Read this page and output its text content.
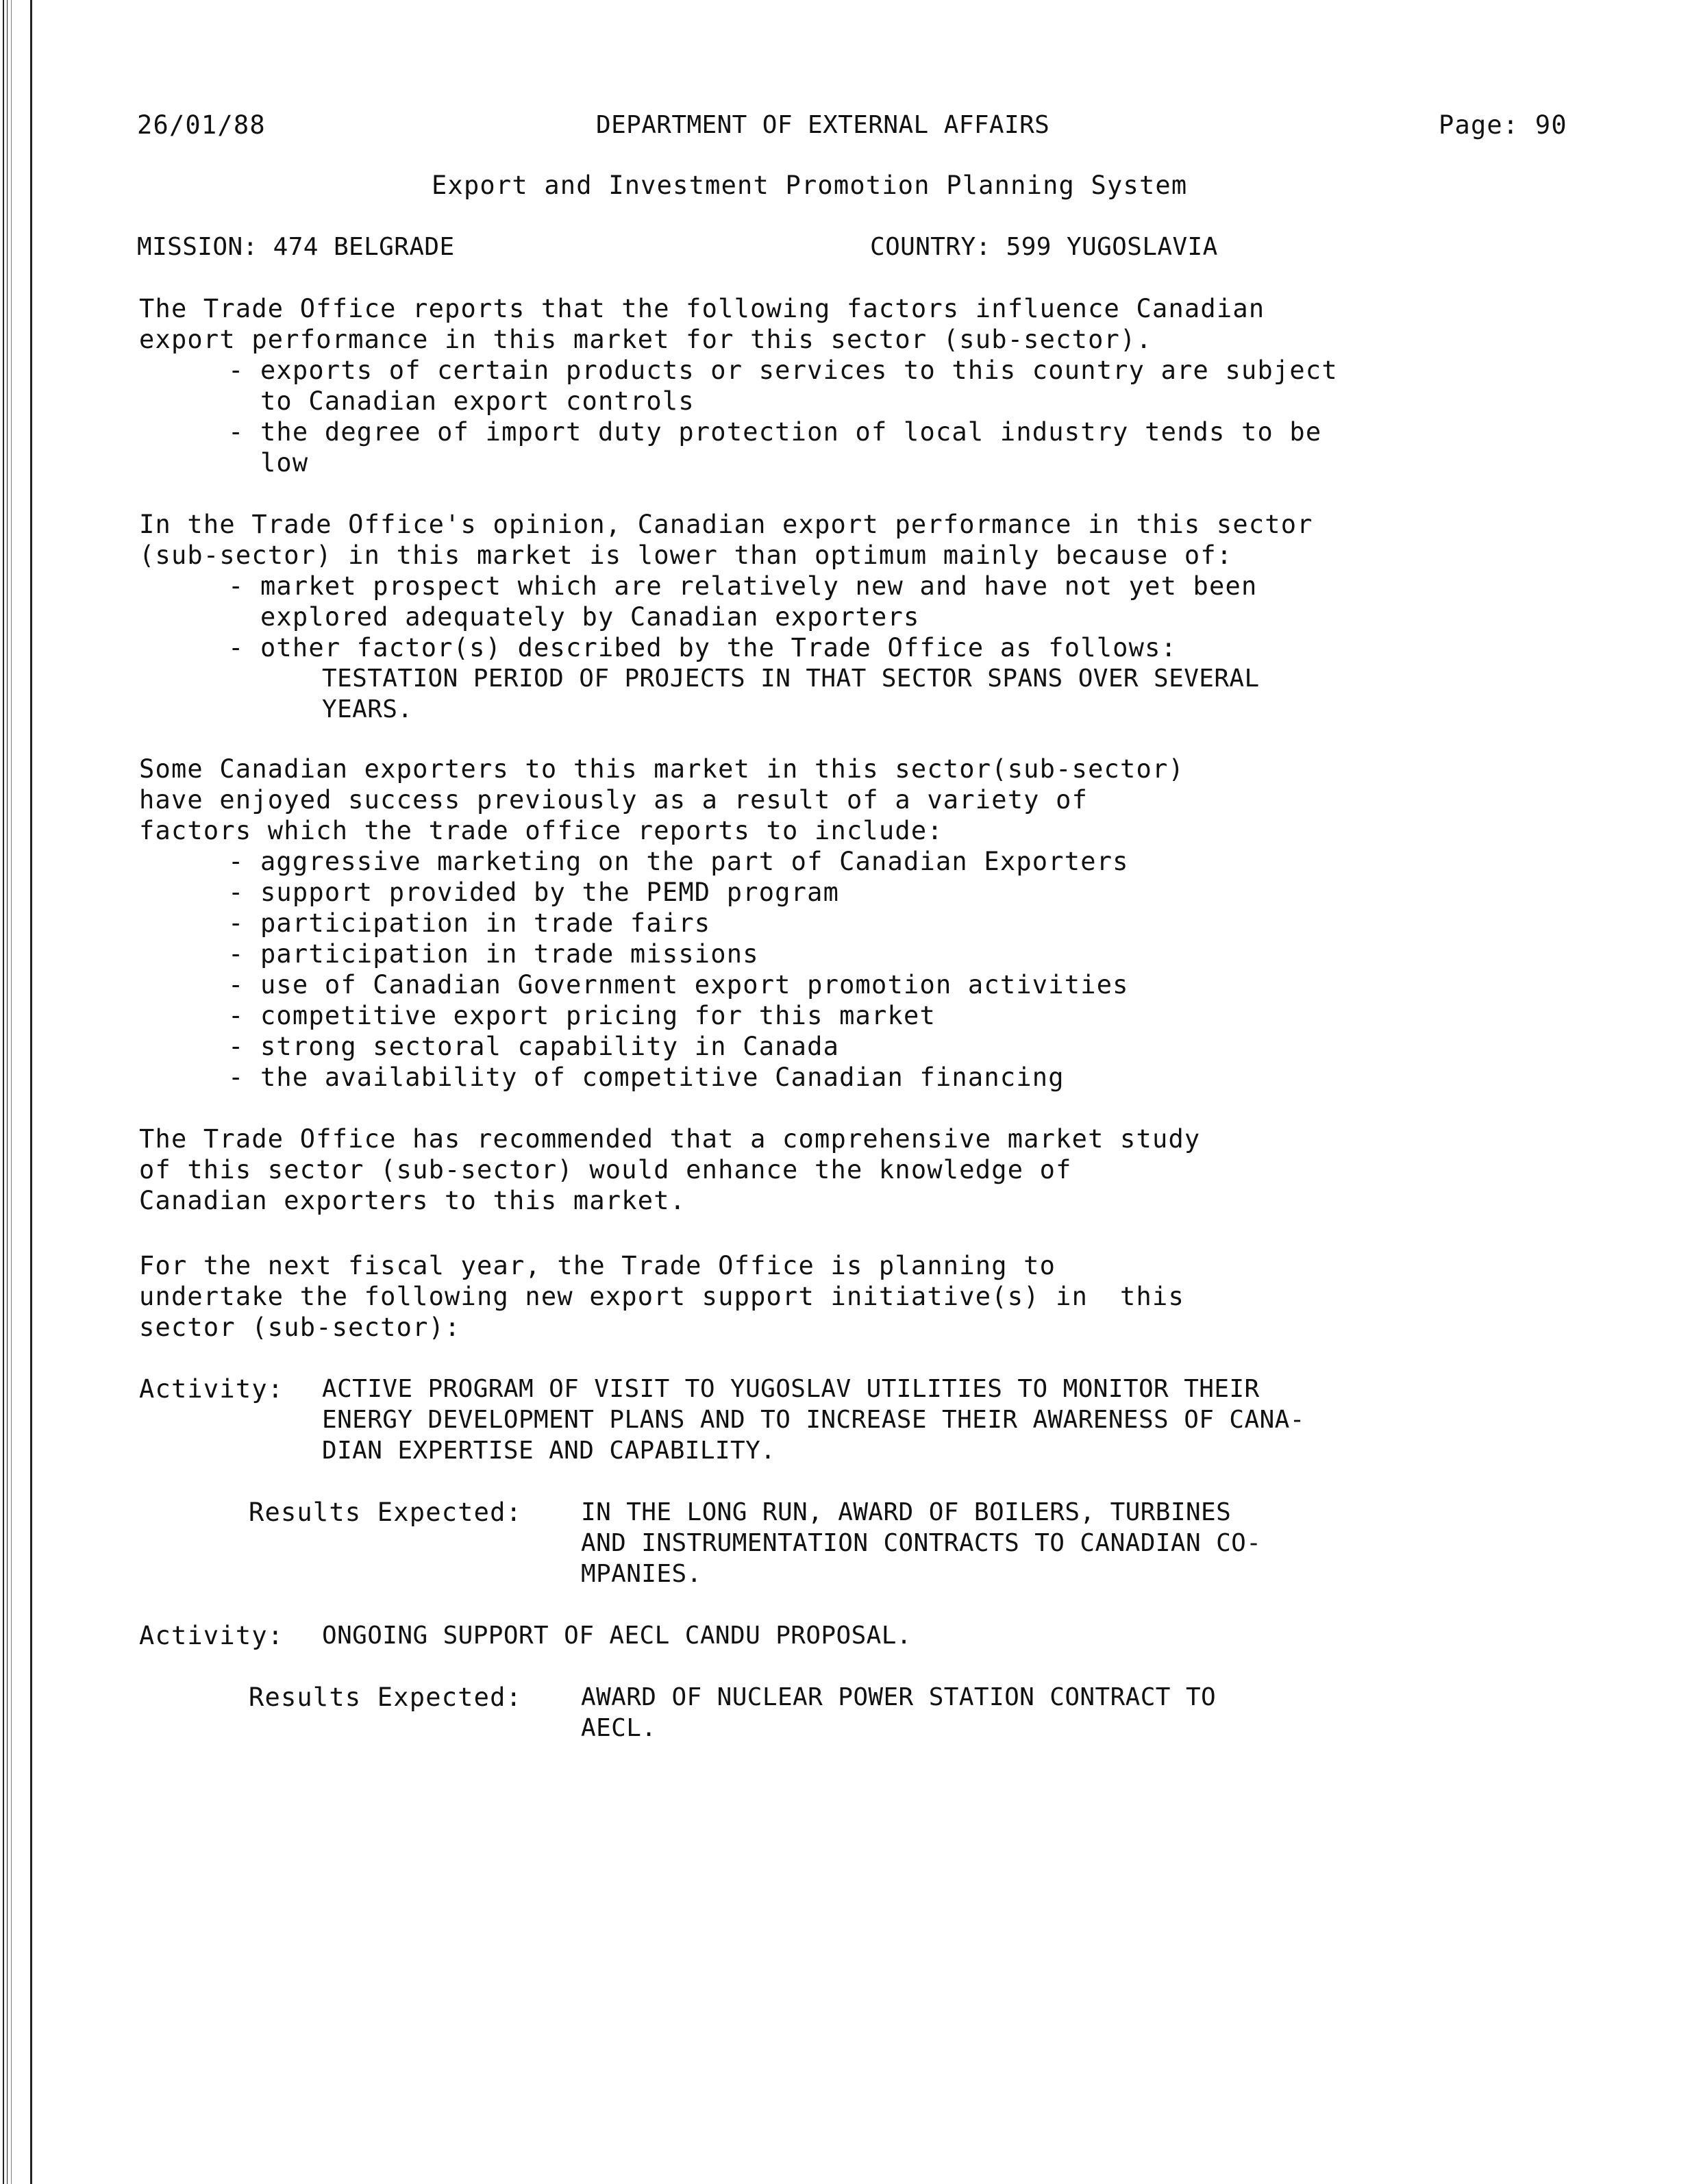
26/01/88	DEPARTMENT OF EXTERNAL AFFAIRS	Page: 90
Export and Investment Promotion Planning System
MISSION: 474 BELGRADE	COUNTRY: 599 YUGOSLAVIA
The Trade Office reports that the following factors influence Canadian
export performance in this market for this sector (sub-sector).
- exports of certain products or services to this country are subject
to Canadian export controls
- the degree of import duty protection of local industry tends to be
low
In the Trade Office's opinion, Canadian export performance in this sector
(sub-sector) in this market is lower than optimum mainly because of:
- market prospect which are relatively new and have not yet been
explored adequately by Canadian exporters
- other factor(s) described by the Trade Office as follows:
TESTATION PERIOD OF PROJECTS IN THAT SECTOR SPANS OVER SEVERAL
YEARS.
Some Canadian exporters to this market in this sector(sub-sector)
have enjoyed success previously as a result of a variety of
factors which the trade office reports to include:
- aggressive marketing on the part of Canadian Exporters
- support provided by the PEMD program
- participation in trade fairs
- participation in trade missions
- use of Canadian Government export promotion activities
- competitive export pricing for this market
- strong sectoral capability in Canada
- the availability of competitive Canadian financing
The Trade Office has recommended that a comprehensive market study
of this sector (sub-sector) would enhance the knowledge of
Canadian exporters to this market.
For the next fiscal year, the Trade Office is planning to
undertake the following new export support initiative(s) in  this
sector (sub-sector):
Activity: ACTIVE PROGRAM OF VISIT TO YUGOSLAV UTILITIES TO MONITOR THEIR
ENERGY DEVELOPMENT PLANS AND TO INCREASE THEIR AWARENESS OF CANA-
DIAN EXPERTISE AND CAPABILITY.
Results Expected: IN THE LONG RUN, AWARD OF BOILERS, TURBINES
AND INSTRUMENTATION CONTRACTS TO CANADIAN CO-
MPANIES.
Activity: ONGOING SUPPORT OF AECL CANDU PROPOSAL.
Results Expected: AWARD OF NUCLEAR POWER STATION CONTRACT TO
AECL.
